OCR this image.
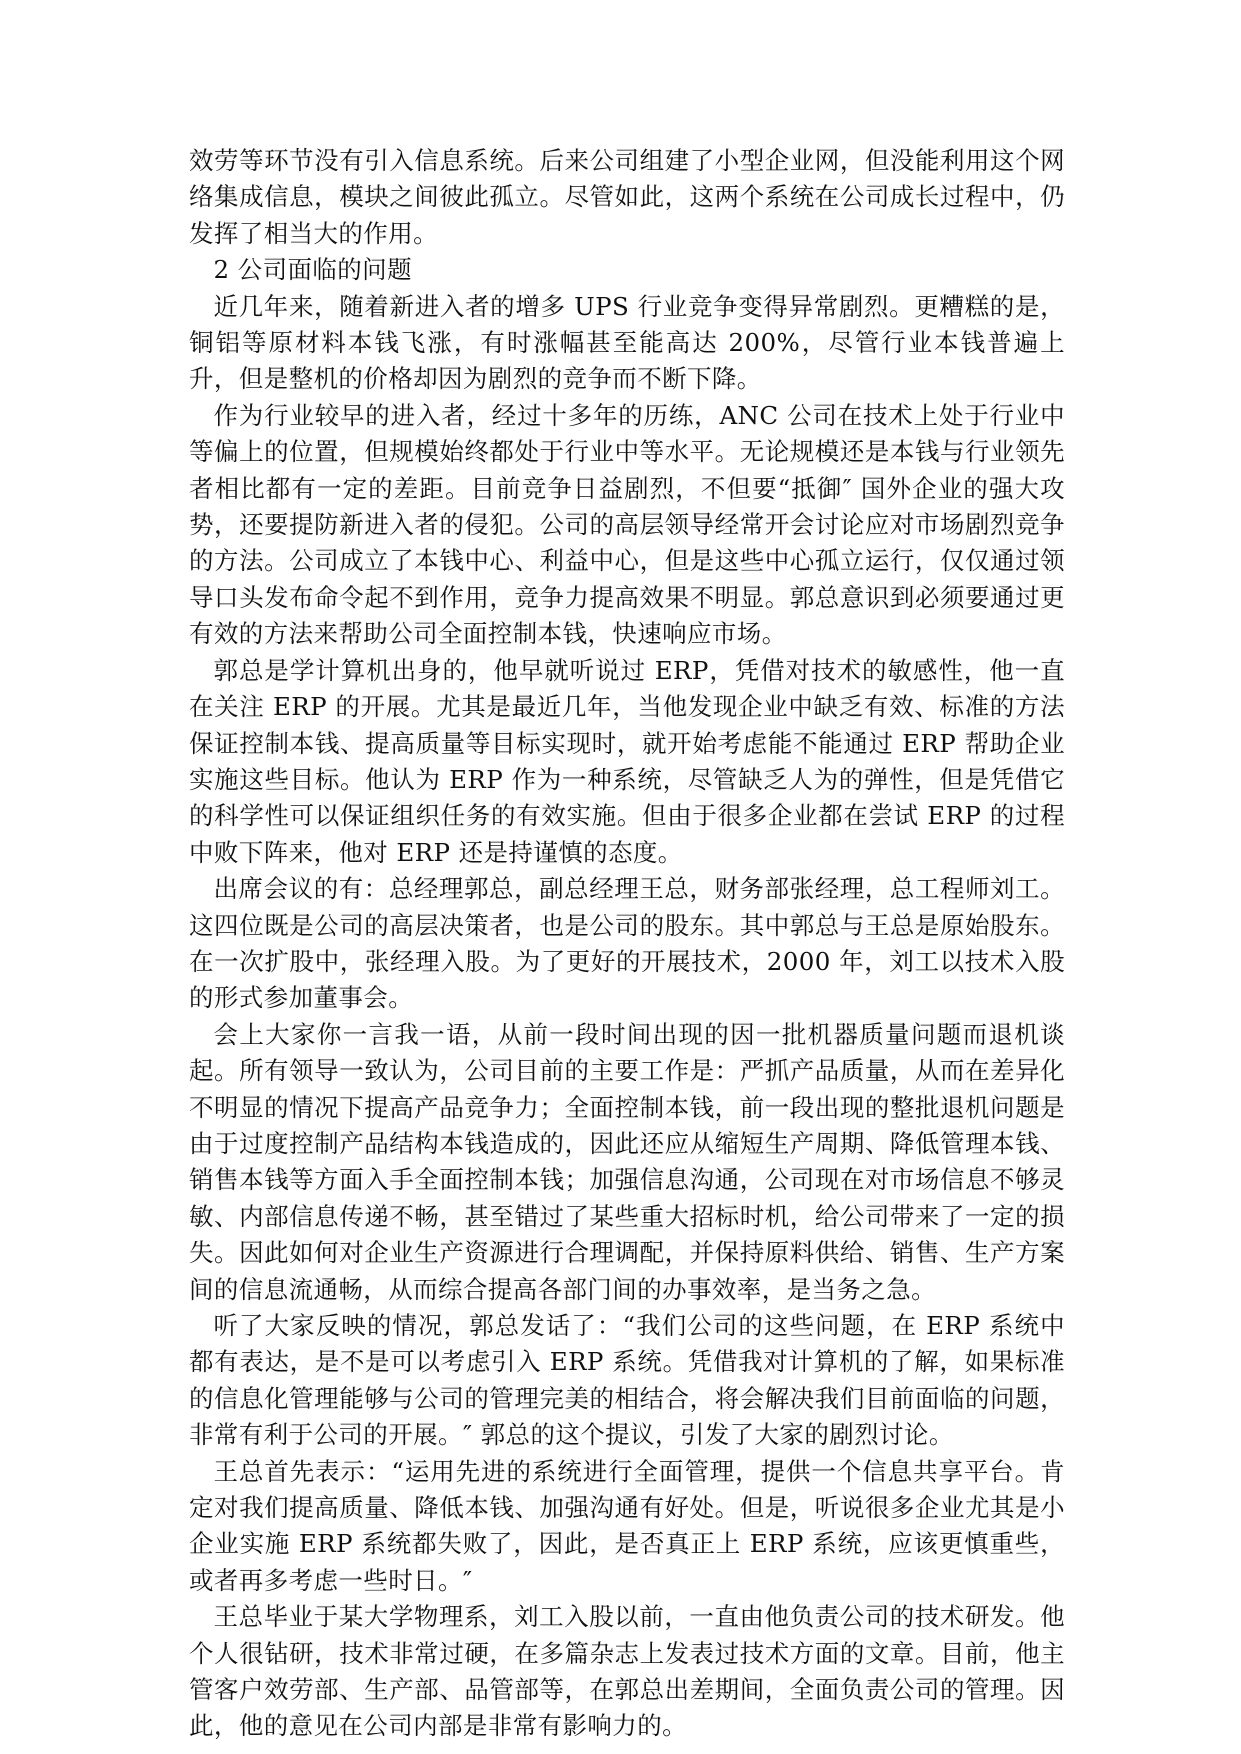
效劳等环节没有引入信息系统。后来公司组建了小型企业网，但没能利用这个网络集成信息，模块之间彼此孤立。尽管如此，这两个系统在公司成长过程中，仍发挥了相当大的作用。

2 公司面临的问题

近几年来，随着新进入者的增多 UPS 行业竞争变得异常剧烈。更糟糕的是，铜铝等原材料本钱飞涨，有时涨幅甚至能高达 200%，尽管行业本钱普遍上升，但是整机的价格却因为剧烈的竞争而不断下降。

作为行业较早的进入者，经过十多年的历练，ANC 公司在技术上处于行业中等偏上的位置，但规模始终都处于行业中等水平。无论规模还是本钱与行业领先者相比都有一定的差距。目前竞争日益剧烈，不但要“抵御″ 国外企业的强大攻势，还要提防新进入者的侵犯。公司的高层领导经常开会讨论应对市场剧烈竞争的方法。公司成立了本钱中心、利益中心，但是这些中心孤立运行，仅仅通过领导口头发布命令起不到作用，竞争力提高效果不明显。郭总意识到必须要通过更有效的方法来帮助公司全面控制本钱，快速响应市场。

郭总是学计算机出身的，他早就听说过 ERP，凭借对技术的敏感性，他一直在关注 ERP 的开展。尤其是最近几年，当他发现企业中缺乏有效、标准的方法保证控制本钱、提高质量等目标实现时，就开始考虑能不能通过 ERP 帮助企业实施这些目标。他认为 ERP 作为一种系统，尽管缺乏人为的弹性，但是凭借它的科学性可以保证组织任务的有效实施。但由于很多企业都在尝试 ERP 的过程中败下阵来，他对 ERP 还是持谨慎的态度。

出席会议的有：总经理郭总，副总经理王总，财务部张经理，总工程师刘工。这四位既是公司的高层决策者，也是公司的股东。其中郭总与王总是原始股东。在一次扩股中，张经理入股。为了更好的开展技术，2000 年，刘工以技术入股的形式参加董事会。

会上大家你一言我一语，从前一段时间出现的因一批机器质量问题而退机谈起。所有领导一致认为，公司目前的主要工作是：严抓产品质量，从而在差异化不明显的情况下提高产品竞争力；全面控制本钱，前一段出现的整批退机问题是由于过度控制产品结构本钱造成的，因此还应从缩短生产周期、降低管理本钱、销售本钱等方面入手全面控制本钱；加强信息沟通，公司现在对市场信息不够灵敏、内部信息传递不畅，甚至错过了某些重大招标时机，给公司带来了一定的损失。因此如何对企业生产资源进行合理调配，并保持原料供给、销售、生产方案间的信息流通畅，从而综合提高各部门间的办事效率，是当务之急。

听了大家反映的情况，郭总发话了：“我们公司的这些问题，在 ERP 系统中都有表达，是不是可以考虑引入 ERP 系统。凭借我对计算机的了解，如果标准的信息化管理能够与公司的管理完美的相结合，将会解决我们目前面临的问题，非常有利于公司的开展。″ 郭总的这个提议，引发了大家的剧烈讨论。

王总首先表示：“运用先进的系统进行全面管理，提供一个信息共享平台。肯定对我们提高质量、降低本钱、加强沟通有好处。但是，听说很多企业尤其是小企业实施 ERP 系统都失败了，因此，是否真正上 ERP 系统，应该更慎重些，或者再多考虑一些时日。″

王总毕业于某大学物理系，刘工入股以前，一直由他负责公司的技术研发。他个人很钻研，技术非常过硬，在多篇杂志上发表过技术方面的文章。目前，他主管客户效劳部、生产部、品管部等，在郭总出差期间，全面负责公司的管理。因此，他的意见在公司内部是非常有影响力的。
